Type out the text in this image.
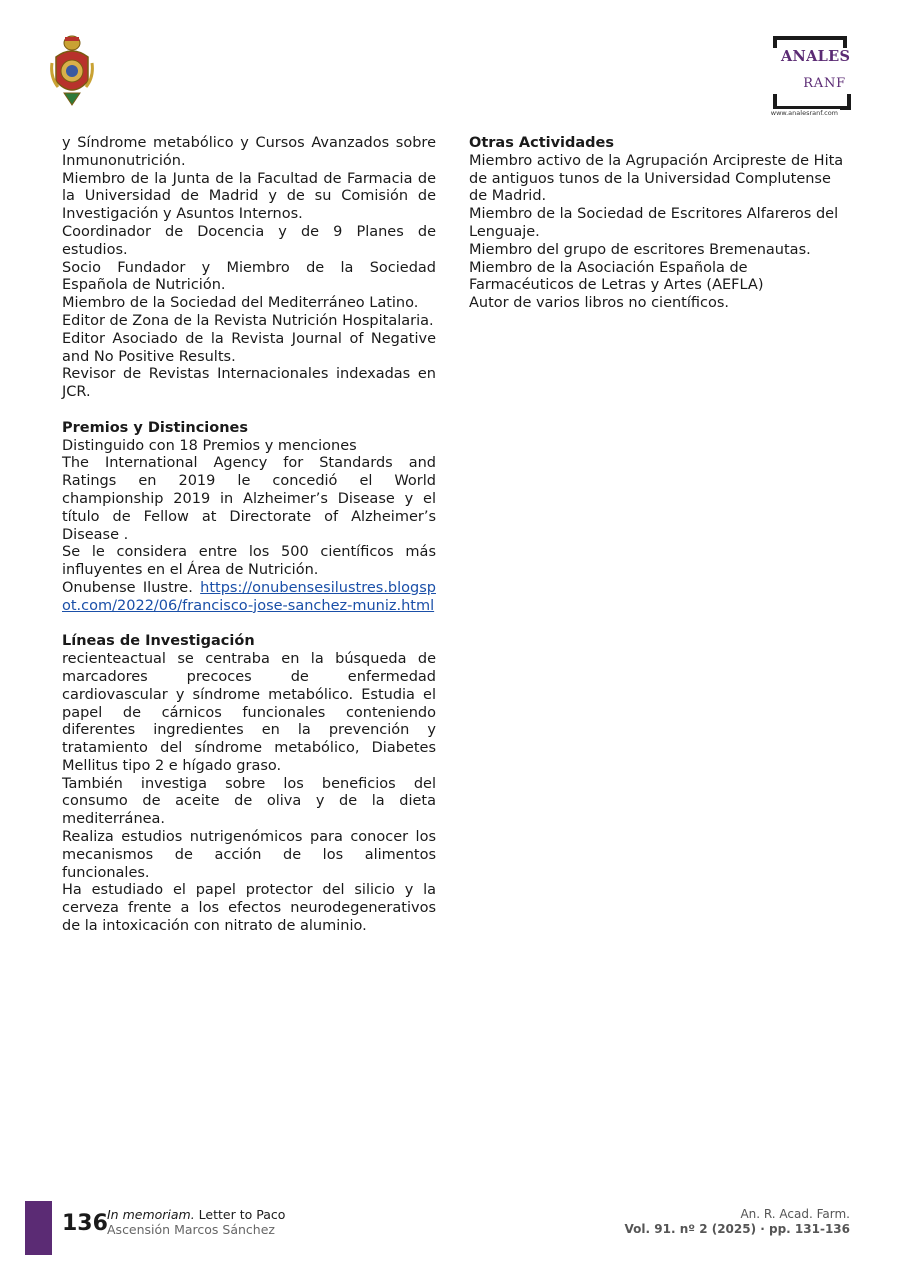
ANALES
RANF
www.analesranf.com

y Síndrome metabólico y Cursos Avanzados sobre Inmunonutrición.

Miembro de la Junta de la Facultad de Farmacia de la Universidad de Madrid y de su Comisión de Investigación y Asuntos Internos.

Coordinador de Docencia y de 9 Planes de estudios.

Socio Fundador y Miembro de la Sociedad Española de Nutrición.

Miembro de la Sociedad del Mediterráneo Latino.

Editor de Zona de la Revista Nutrición Hospitalaria.

Editor Asociado de la Revista Journal of Negative and No Positive Results.

Revisor de Revistas Internacionales indexadas en JCR.

Premios y Distinciones

Distinguido con 18 Premios y menciones

The International Agency for Standards and Ratings en 2019 le concedió el World championship 2019 in Alzheimer’s Disease y el título de Fellow at Directorate of Alzheimer’s Disease .

Se le considera entre los 500 científicos más influyentes en el Área de Nutrición.

Onubense Ilustre. https://onubensesilustres.blogspot.com/2022/06/francisco-jose-sanchez-muniz.html

Líneas de Investigación

recienteactual se centraba en la búsqueda de marcadores precoces de enfermedad cardiovascular y síndrome metabólico. Estudia el papel de cárnicos funcionales conteniendo diferentes ingredientes en la prevención y tratamiento del síndrome metabólico, Diabetes Mellitus tipo 2 e hígado graso.

También investiga sobre los beneficios del consumo de aceite de oliva y de la dieta mediterránea.

Realiza estudios nutrigenómicos para conocer los mecanismos de acción de los alimentos funcionales.

Ha estudiado el papel protector del silicio y la cerveza frente a los efectos neurodegenerativos de la intoxicación con nitrato de aluminio.

Otras Actividades

Miembro activo de la Agrupación Arcipreste de Hita de antiguos tunos de la Universidad Complutense de Madrid.

Miembro de la Sociedad de Escritores Alfareros del Lenguaje.

Miembro del grupo de escritores Bremenautas.

Miembro de la Asociación Española de Farmacéuticos de Letras y Artes (AEFLA)

Autor de varios libros no científicos.

136 In memoriam. Letter to Paco
Ascensión Marcos Sánchez
An. R. Acad. Farm.
Vol. 91. nº 2 (2025) · pp. 131-136
